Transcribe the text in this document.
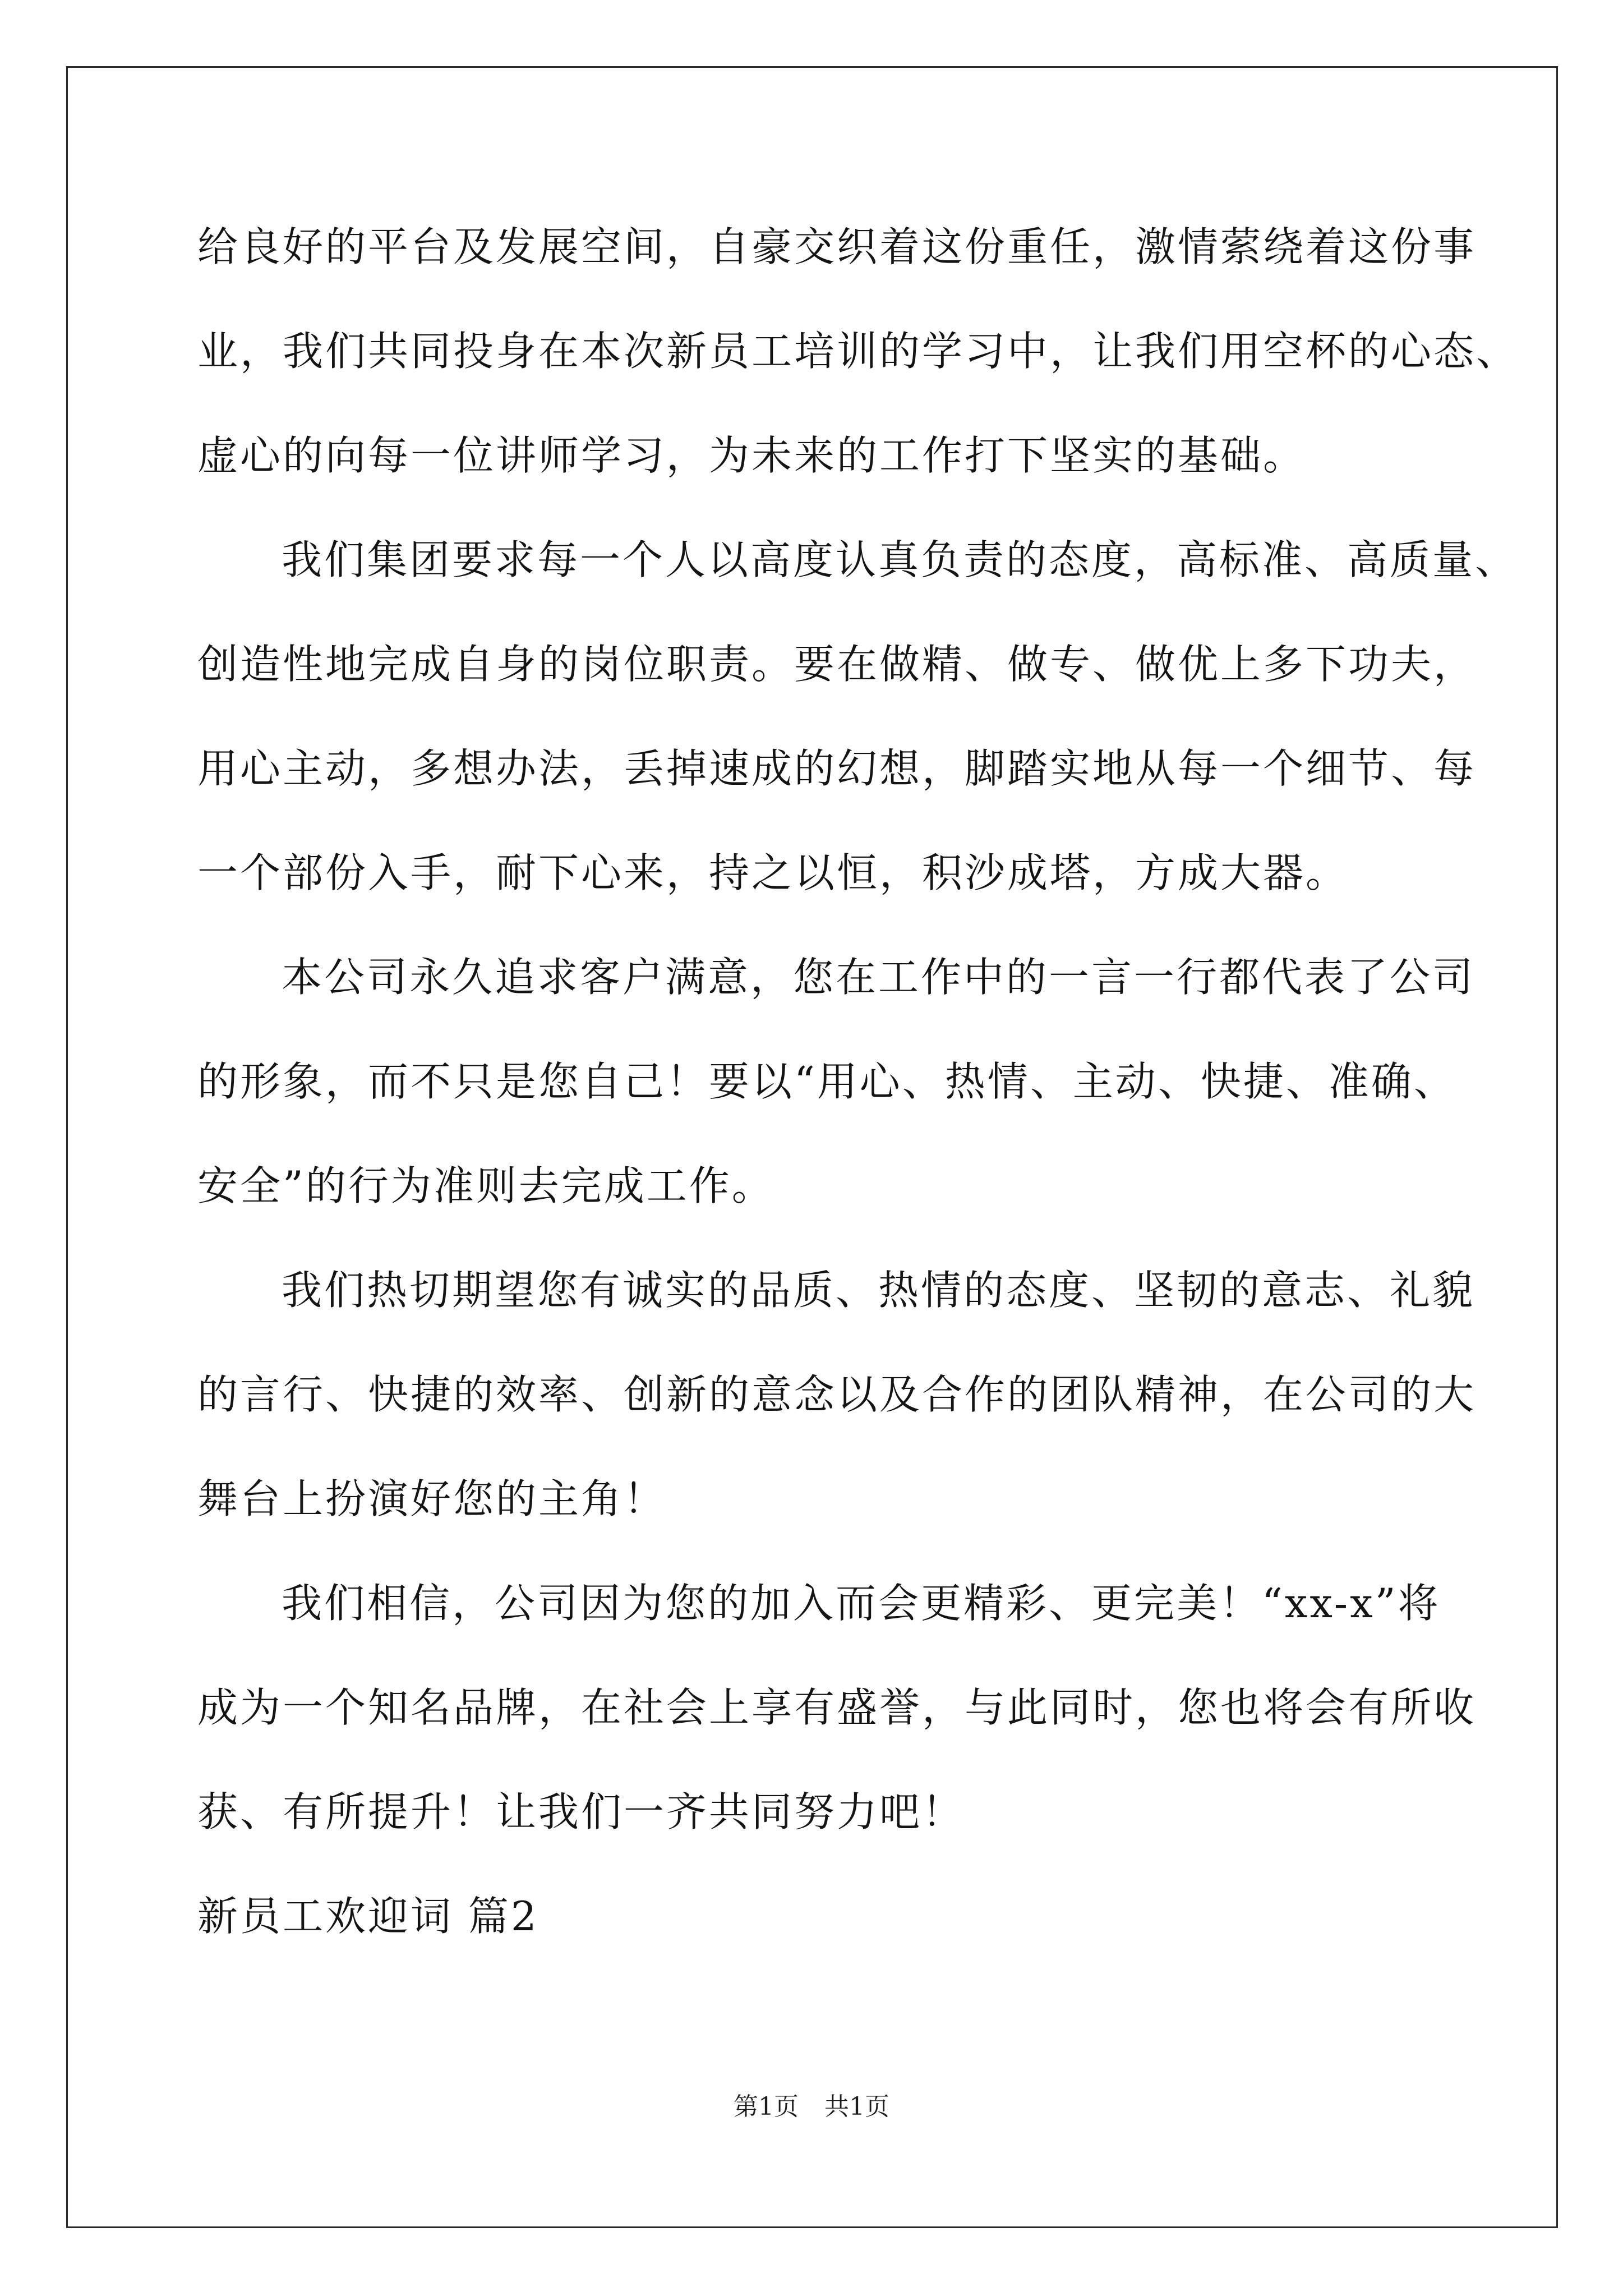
给良好的平台及发展空间，自豪交织着这份重任，激情萦绕着这份事
业，我们共同投身在本次新员工培训的学习中，让我们用空杯的心态、
虚心的向每一位讲师学习，为未来的工作打下坚实的基础。
我们集团要求每一个人以高度认真负责的态度，高标准、高质量、
创造性地完成自身的岗位职责。要在做精、做专、做优上多下功夫，
用心主动，多想办法，丢掉速成的幻想，脚踏实地从每一个细节、每
一个部份入手，耐下心来，持之以恒，积沙成塔，方成大器。
本公司永久追求客户满意，您在工作中的一言一行都代表了公司
的形象，而不只是您自己！要以“用心、热情、主动、快捷、准确、
安全”的行为准则去完成工作。
我们热切期望您有诚实的品质、热情的态度、坚韧的意志、礼貌
的言行、快捷的效率、创新的意念以及合作的团队精神，在公司的大
舞台上扮演好您的主角！
我们相信，公司因为您的加入而会更精彩、更完美！“xx-x”将
成为一个知名品牌，在社会上享有盛誉，与此同时，您也将会有所收
获、有所提升！让我们一齐共同努力吧！
新员工欢迎词 篇2
第1页 共1页
